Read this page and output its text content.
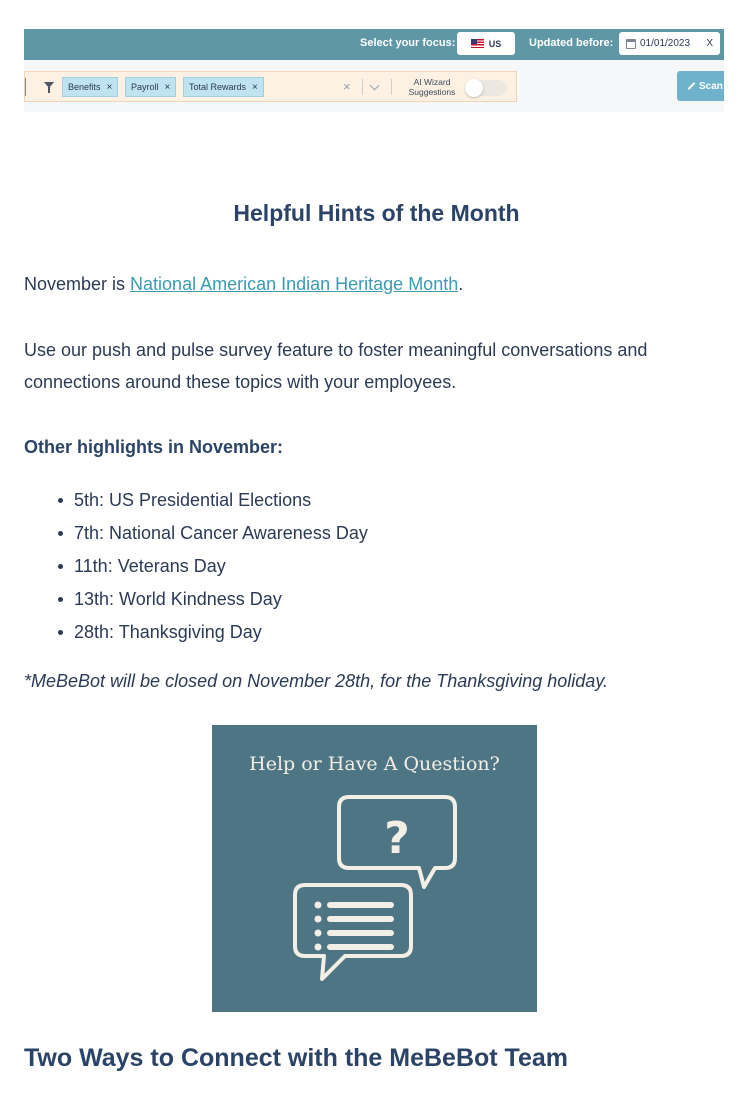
Select your focus:	US	Updated before:	01/01/2023 X
Benefits × Payroll × Total Rewards ×	×	AI Wizard Suggestions
Scan
Helpful Hints of the Month

November is National American Indian Heritage Month.

Use our push and pulse survey feature to foster meaningful conversations and connections around these topics with your employees.

Other highlights in November:
5th: US Presidential Elections
7th: National Cancer Awareness Day
11th: Veterans Day
13th: World Kindness Day
28th: Thanksgiving Day

*MeBeBot will be closed on November 28th, for the Thanksgiving holiday.

Help or Have A Question?
?
Two Ways to Connect with the MeBeBot Team
